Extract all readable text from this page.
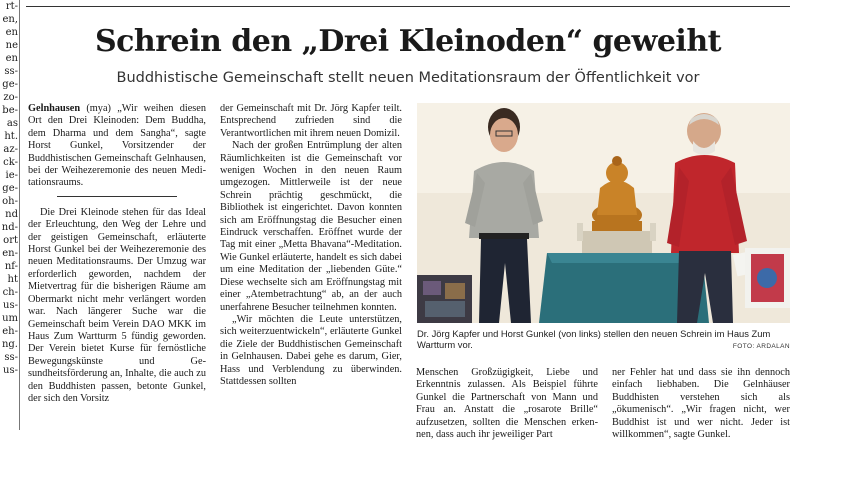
rt-
en,
en
ne
en
ss-
ge-
zo-
be-
as
ht.
az-
ck-
ie-
ge-
oh-
nd
nd-
ort
en-
nf-
ht
ch-
us-
um
eh-
ng.
ss-
us-
Schrein den „Drei Kleinoden“ geweiht
Buddhistische Gemeinschaft stellt neuen Meditationsraum der Öffentlichkeit vor

Gelnhausen (mya) „Wir weihen diesen Ort den Drei Kleinoden: Dem Buddha, dem Dharma und dem Sangha“, sagte Horst Gunkel, Vorsitzender der Buddhistischen Gemeinschaft Gelnhausen, bei der Weihezeremonie des neuen Meditationsraums.

Die Drei Kleinode stehen für das Ideal der Erleuchtung, den Weg der Lehre und der geistigen Gemeinschaft, erläuterte Horst Gunkel bei der Weihezeremonie des neuen Meditationsraums. Der Umzug war erforderlich geworden, nachdem der Mietvertrag für die bisherigen Räume am Obermarkt nicht mehr verlängert worden war. Nach längerer Suche war die Gemeinschaft beim Verein DAO MKK im Haus Zum Wartturm 5 fündig geworden. Der Verein bietet Kurse für fernöstliche Bewegungskünste und Gesundheitsförderung an, Inhalte, die auch zu den Buddhisten passen, betonte Gunkel, der sich den Vorsitz

der Gemeinschaft mit Dr. Jörg Kapfer teilt. Entsprechend zufrieden sind die Verantwortlichen mit ihrem neuen Domizil.

Nach der großen Entrümplung der alten Räumlichkeiten ist die Gemeinschaft vor wenigen Wochen in den neuen Raum umgezogen. Mittlerweile ist der neue Schrein prächtig geschmückt, die Bibliothek ist eingerichtet. Davon konnten sich am Eröffnungstag die Besucher einen Eindruck verschaffen. Eröffnet wurde der Tag mit einer „Metta Bhavana“-Meditation. Wie Gunkel erläuterte, handelt es sich dabei um eine Meditation der „liebenden Güte.“ Diese wechselte sich am Eröffnungstag mit einer „Atembetrachtung“ ab, an der auch unerfahrene Besucher teilnehmen konnten.

„Wir möchten die Leute unterstützen, sich weiterzuentwickeln“, erläuterte Gunkel die Ziele der Buddhistischen Gemeinschaft in Gelnhausen. Dabei gehe es darum, Gier, Hass und Verblendung zu überwinden. Stattdessen sollten

Menschen Großzügigkeit, Liebe und Erkenntnis zulassen. Als Beispiel führte Gunkel die Partnerschaft von Mann und Frau an. Anstatt die „rosarote Brille“ aufzusetzen, sollten die Menschen erkennen, dass auch ihr jeweiliger Part

ner Fehler hat und dass sie ihn dennoch einfach liebhaben. Die Gelnhäuser Buddhisten verstehen sich als „ökumenisch“. „Wir fragen nicht, wer Buddhist ist und wer nicht. Jeder ist willkommen“, sagte Gunkel.

Dr. Jörg Kapfer und Horst Gunkel (von links) stellen den neuen Schrein im Haus Zum Wartturm vor.	FOTO: ARDALAN
